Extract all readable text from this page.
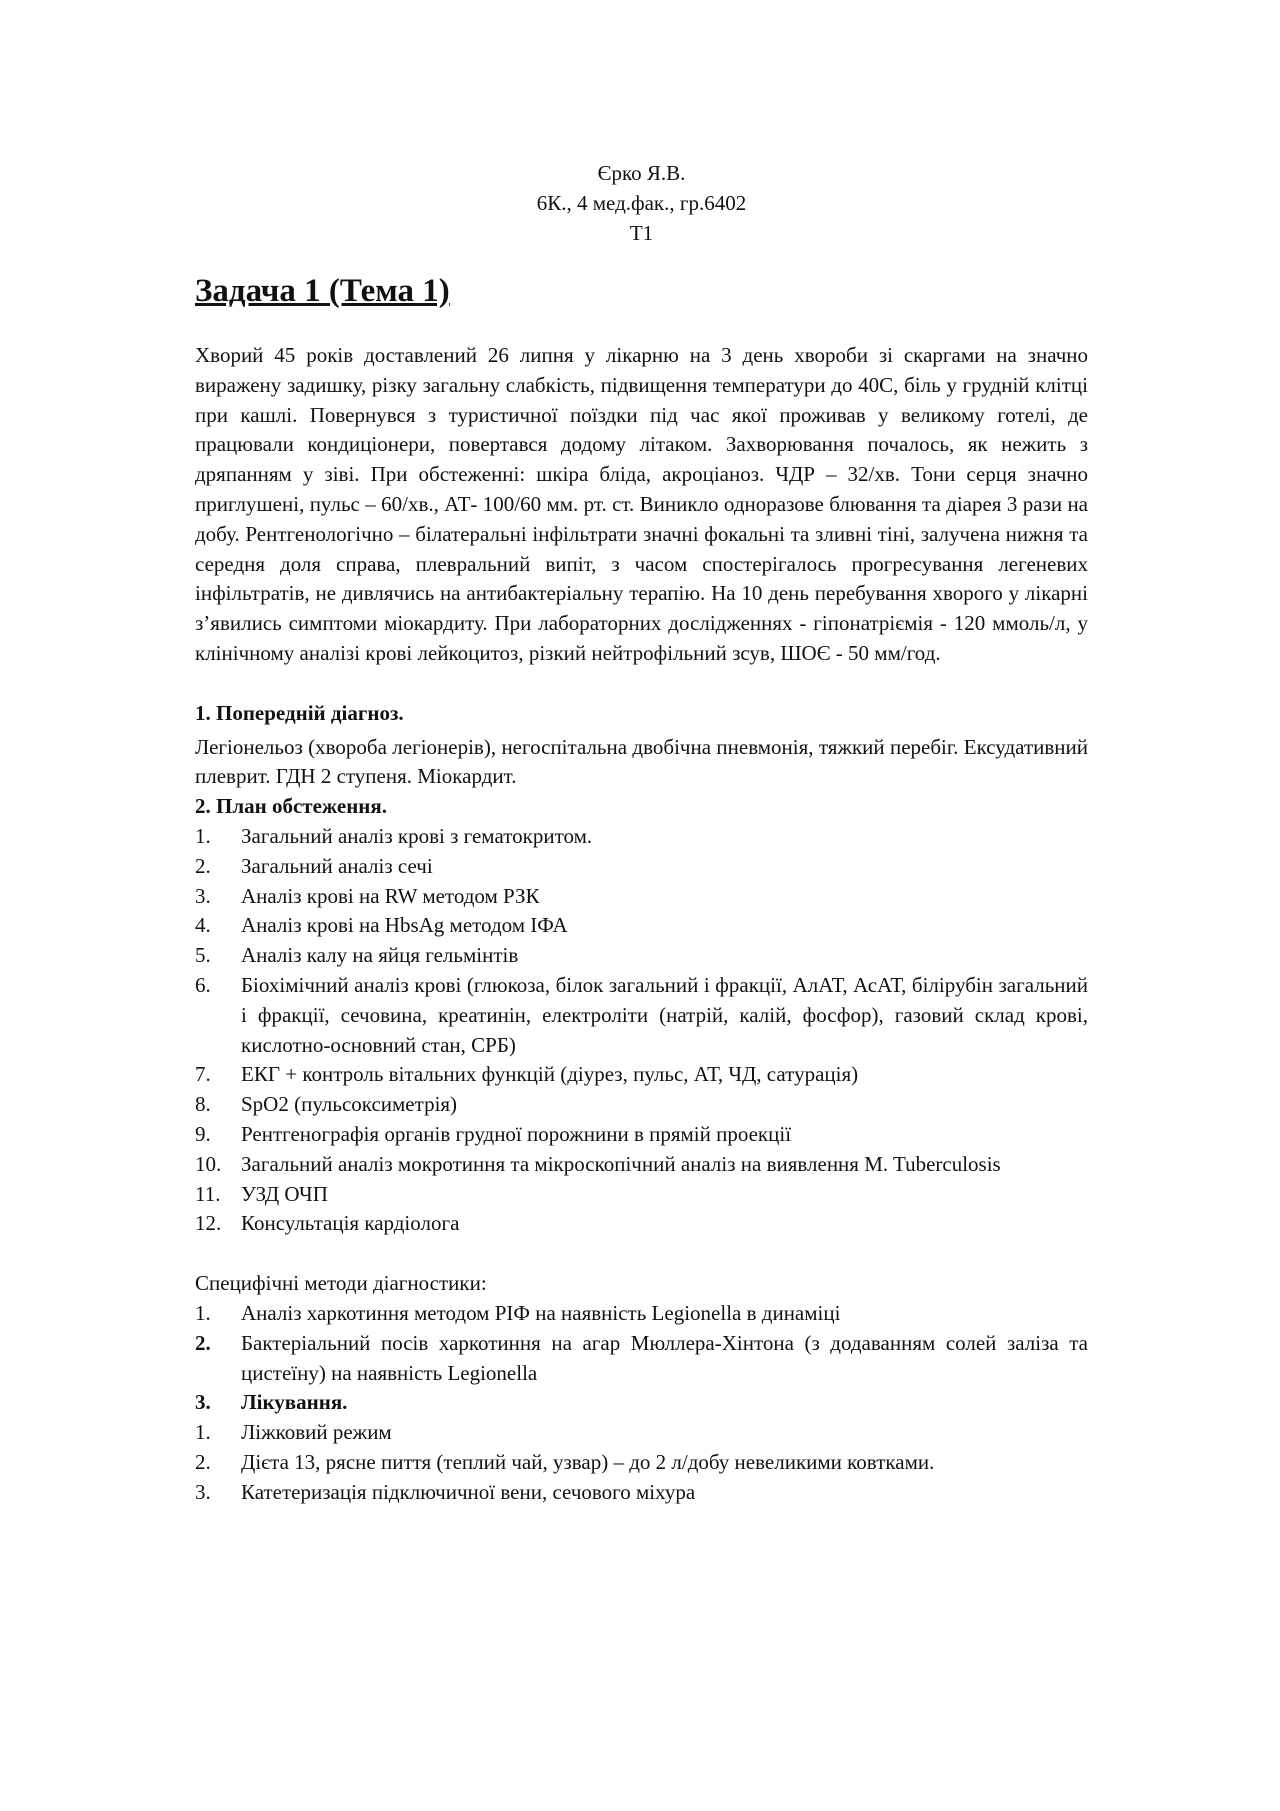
Єрко Я.В.
6К., 4 мед.фак., гр.6402
Т1
Задача 1 (Тема 1)

Хворий 45 років доставлений 26 липня у лікарню на 3 день хвороби зі скаргами на значно виражену задишку, різку загальну слабкість, підвищення температури до 40С, біль у грудній клітці при кашлі. Повернувся з туристичної поїздки під час якої проживав у великому готелі, де працювали кондиціонери, повертався додому літаком. Захворювання почалось, як нежить з дряпанням у зіві. При обстеженні: шкіра бліда, акроціаноз. ЧДР – 32/хв. Тони серця значно приглушені, пульс – 60/хв., АТ- 100/60 мм. рт. ст. Виникло одноразове блювання та діарея 3 рази на добу. Рентгенологічно – білатеральні інфільтрати значні фокальні та зливні тіні, залучена нижня та середня доля справа, плевральний випіт, з часом спостерігалось прогресування легеневих інфільтратів, не дивлячись на антибактеріальну терапію. На 10 день перебування хворого у лікарні з’явились симптоми міокардиту. При лабораторних дослідженнях - гіпонатріємія - 120 ммоль/л, у клінічному аналізі крові лейкоцитоз, різкий нейтрофільний зсув, ШОЄ - 50 мм/год.

1. Попередній діагноз.

Легіонельоз (хвороба легіонерів), негоспітальна двобічна пневмонія, тяжкий перебіг. Ексудативний плеврит. ГДН 2 ступеня. Міокардит.

2. План обстеження.

1.	Загальний аналіз крові з гематокритом.
2.	Загальний аналіз сечі
3.	Аналіз крові на RW методом РЗК
4.	Аналіз крові на HbsAg методом ІФА
5.	Аналіз калу на яйця гельмінтів
6.	Біохімічний аналіз крові (глюкоза, білок загальний і фракції, АлАТ, АсАТ, білірубін загальний і фракції, сечовина, креатинін, електроліти (натрій, калій, фосфор), газовий склад крові, кислотно-основний стан, СРБ)
7.	ЕКГ + контроль вітальних функцій (діурез, пульс, АТ, ЧД, сатурація)
8.	SpO2 (пульсоксиметрія)
9.	Рентгенографія органів грудної порожнини в прямій проекції
10. Загальний аналіз мокротиння та мікроскопічний аналіз на виявлення M. Tuberculosis
11. УЗД ОЧП
12. Консультація кардіолога

Специфічні методи діагностики:

1.	Аналіз харкотиння методом РІФ на наявність Legionella в динаміці
2.	Бактеріальний посів харкотиння на агар Мюллера-Хінтона (з додаванням солей заліза та цистеїну) на наявність Legionella
3.	Лікування.
1.	Ліжковий режим
2.	Дієта 13, рясне пиття (теплий чай, узвар) – до 2 л/добу невеликими ковтками.
3.	Катетеризація підключичної вени, сечового міхура
